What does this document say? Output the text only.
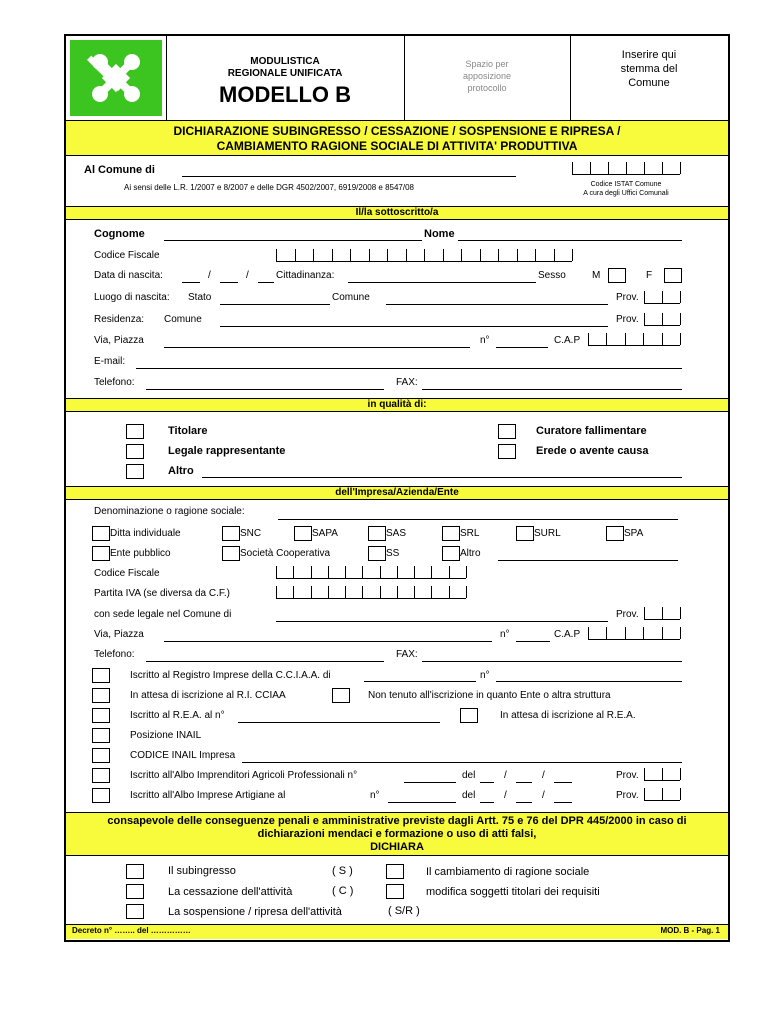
MODULISTICA
REGIONALE UNIFICATA
MODELLO B
Spazio per
apposizione
protocollo
Inserire qui
stemma del
Comune
DICHIARAZIONE SUBINGRESSO / CESSAZIONE / SOSPENSIONE E RIPRESA /
CAMBIAMENTO RAGIONE SOCIALE DI ATTIVITA' PRODUTTIVA
Al Comune di
Ai sensi delle L.R. 1/2007 e 8/2007 e delle DGR 4502/2007, 6919/2008 e 8547/08	Codice ISTAT Comune
A cura degli Uffici Comunali
Il/la sottoscritto/a
Cognome	Nome
Codice Fiscale
Data di nascita:	/	/	Cittadinanza:	Sesso	M	F
Luogo di nascita: Stato	Comune	Prov.
Residenza: Comune	Prov.
Via, Piazza	n°	C.A.P
E-mail:
Telefono:	FAX:
in qualità di:
Titolare
Legale rappresentante
Altro
Curatore fallimentare
Erede o avente causa
dell'Impresa/Azienda/Ente
Denominazione o ragione sociale:
Ditta individuale	SNC	SAPA	SAS	SRL	SURL	SPA
Ente pubblico	Società Cooperativa	SS	Altro
Codice Fiscale
Partita IVA (se diversa da C.F.)
con sede legale nel Comune di	Prov.
Via, Piazza	n°	C.A.P
Telefono:	FAX:
Iscritto al Registro Imprese della C.C.I.A.A. di	n°
In attesa di iscrizione al R.I. CCIAA	Non tenuto all'iscrizione in quanto Ente o altra struttura
Iscritto al R.E.A. al n°	In attesa di iscrizione al R.E.A.
Posizione INAIL
CODICE INAIL Impresa
Iscritto all'Albo Imprenditori Agricoli Professionali n°	del	/	/	Prov.
Iscritto all'Albo Imprese Artigiane al	n°	del	/	/	Prov.
consapevole delle conseguenze penali e amministrative previste dagli Artt. 75 e 76 del DPR 445/2000 in caso di
dichiarazioni mendaci e formazione o uso di atti falsi,
DICHIARA
Il subingresso	( S )	Il cambiamento di ragione sociale
La cessazione dell'attività	( C )	modifica soggetti titolari dei requisiti
La sospensione / ripresa dell'attività	( S/R )
Decreto n° …….. del ……………	MOD. B - Pag. 1
